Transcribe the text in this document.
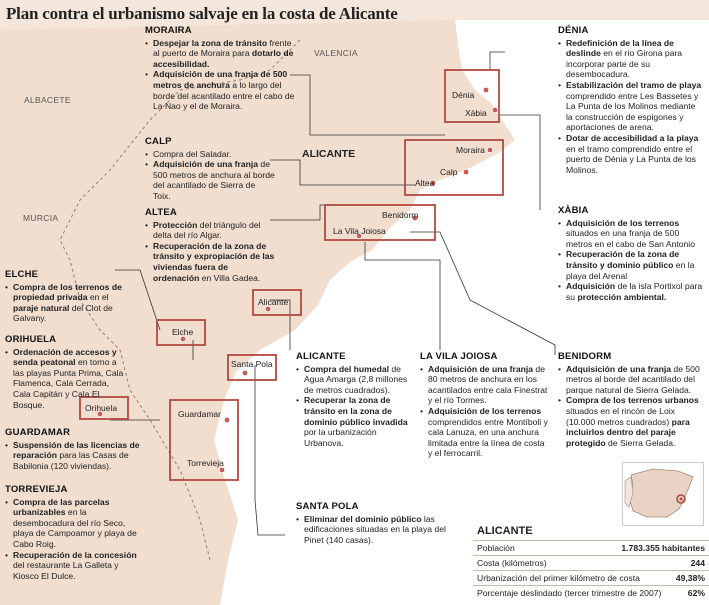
Plan contra el urbanismo salvaje en la costa de Alicante
ALBACETE
MURCIA
VALENCIA
ALICANTE
Dénia
Xàbia
Moraira
Calp
Altea
Benidorm
La Vila Joiosa
Alicante
Elche
Santa Pola
Orihuela
Guardamar
Torrevieja
MORAIRA
• Despejar la zona de tránsito frente al puerto de Moraira para dotarlo de accesibilidad.
• Adquisición de una franja de 500 metros de anchura a lo largo del borde del acantilado entre el cabo de La Nao y el de Moraira.
CALP
• Compra del Saladar.
• Adquisición de una franja de 500 metros de anchura al borde del acantilado de Sierra de Toix.
ALTEA
• Protección del triángulo del delta del río Algar.
• Recuperación de la zona de tránsito y expropiación de las viviendas fuera de ordenación en Villa Gadea.
ELCHE
• Compra de los terrenos de propiedad privada en el paraje natural del Clot de Galvany.
ORIHUELA
• Ordenación de accesos y senda peatonal en torno a las playas Punta Prima, Cala Flamenca, Cala Cerrada, Cala Capitán y Cala El Bosque.
GUARDAMAR
• Suspensión de las licencias de reparación para las Casas de Babilonia (120 viviendas).
TORREVIEJA
• Compra de las parcelas urbanizables en la desembocadura del río Seco, playa de Campoamor y playa de Cabo Roig.
• Recuperación de la concesión del restaurante La Galleta y Kiosco El Dulce.
ALICANTE
• Compra del humedal de Agua Amarga (2,8 millones de metros cuadrados).
• Recuperar la zona de tránsito en la zona de dominio público invadida por la urbanización Urbanova.
LA VILA JOIOSA
• Adquisición de una franja de 80 metros de anchura en los acantilados entre cala Finestrat y el río Tormes.
• Adquisición de los terrenos comprendidos entre Montíboli y cala Lanuza, en una anchura limitada entre la línea de costa y el ferrocarril.
SANTA POLA
• Eliminar del dominio público las edificaciones situadas en la playa del Pinet (140 casas).
BENIDORM
• Adquisición de una franja de 500 metros al borde del acantilado del parque natural de Sierra Gelada.
• Compra de los terrenos urbanos situados en el rincón de Loix (10.000 metros cuadrados) para incluirlos dentro del paraje protegido de Sierra Gelada.
DÉNIA
• Redefinición de la línea de deslinde en el río Girona para incorporar parte de su desembocadura.
• Estabilización del tramo de playa comprendido entre Les Bassetes y La Punta de los Molinos mediante la construcción de espigones y aportaciones de arena.
• Dotar de accesibilidad a la playa en el tramo comprendido entre el puerto de Dénia y La Punta de los Molinos.
XÀBIA
• Adquisición de los terrenos situados en una franja de 500 metros en el cabo de San Antonio
• Recuperación de la zona de tránsito y dominio público en la playa del Arenal
• Adquisición de la isla Portixol para su protección ambiental.
ALICANTE
Población	1.783.355 habitantes
Costa (kilómetros)	244
Urbanización del primer kilómetro de costa	49,38%
Porcentaje deslindado (tercer trimestre de 2007)	62%
